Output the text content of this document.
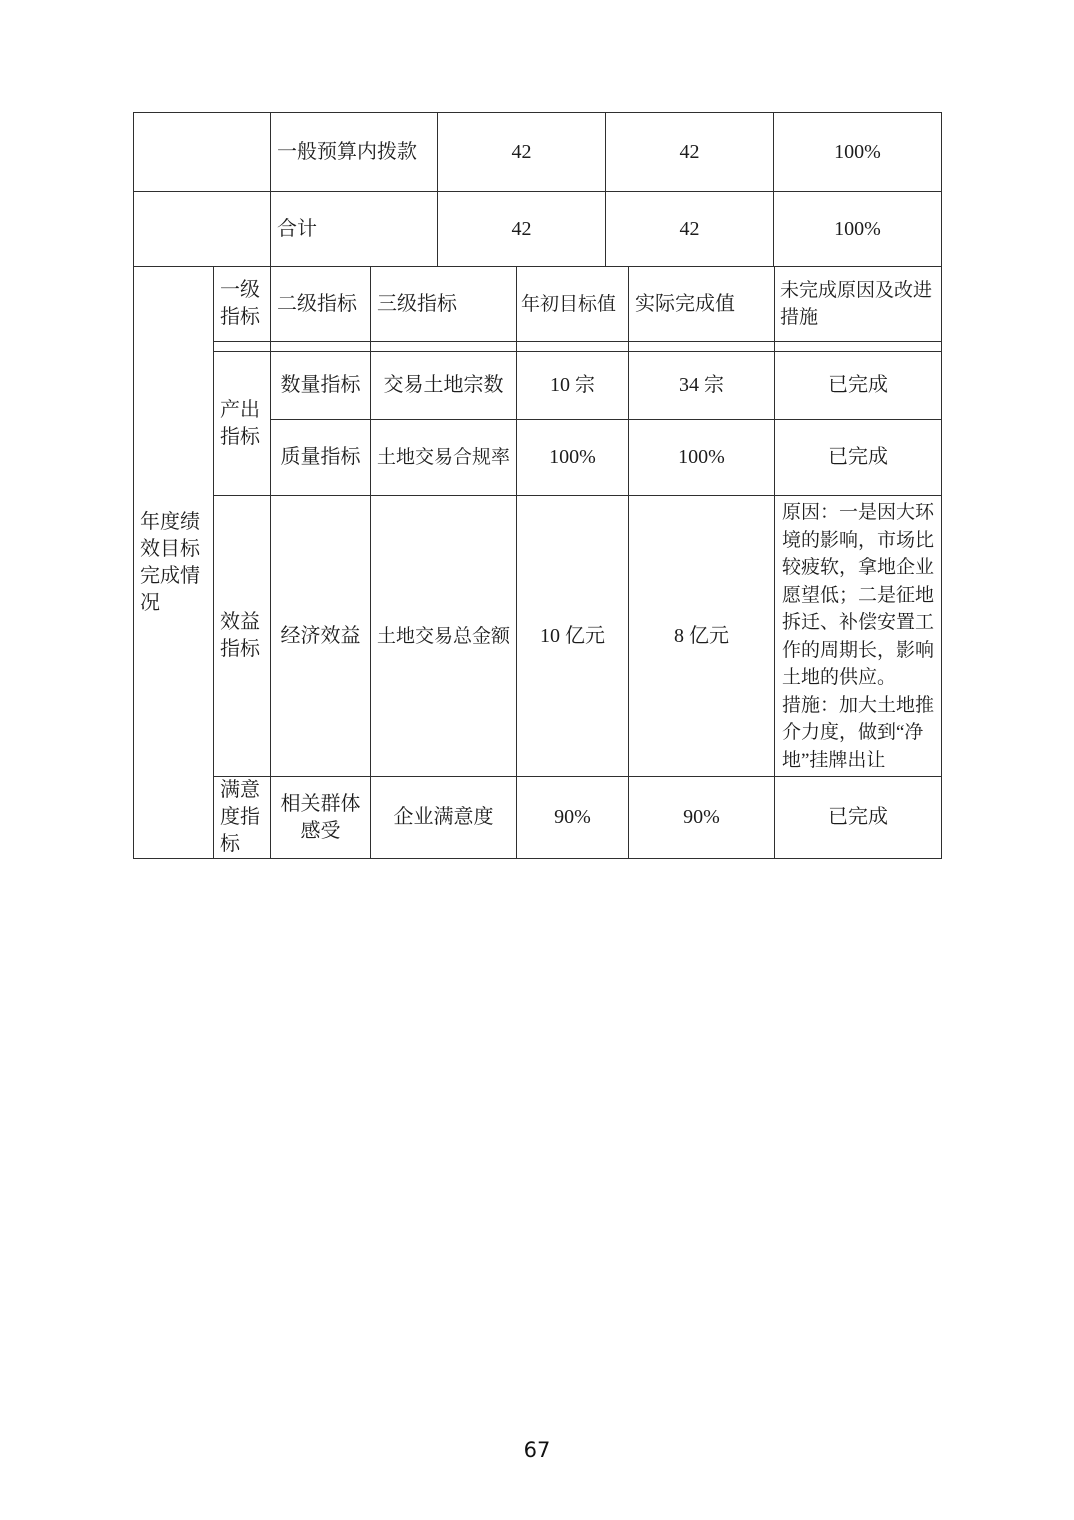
	一般预算内拨款	42	42	100%
	合计	42	42	100%
年度绩效目标完成情况	一级指标	二级指标	三级指标	年初目标值	实际完成值	未完成原因及改进措施

	产出指标	数量指标	交易土地宗数	10 宗	34 宗	已完成
		质量指标	土地交易合规率	100%	100%	已完成
	效益指标	经济效益	土地交易总金额	10 亿元	8 亿元	原因：一是因大环境的影响，市场比较疲软，拿地企业愿望低；二是征地拆迁、补偿安置工作的周期长，影响土地的供应。

措施：加大土地推介力度，做到“净地”挂牌出让

	满意度指标	相关群体感受	企业满意度	90%	90%	已完成
67
